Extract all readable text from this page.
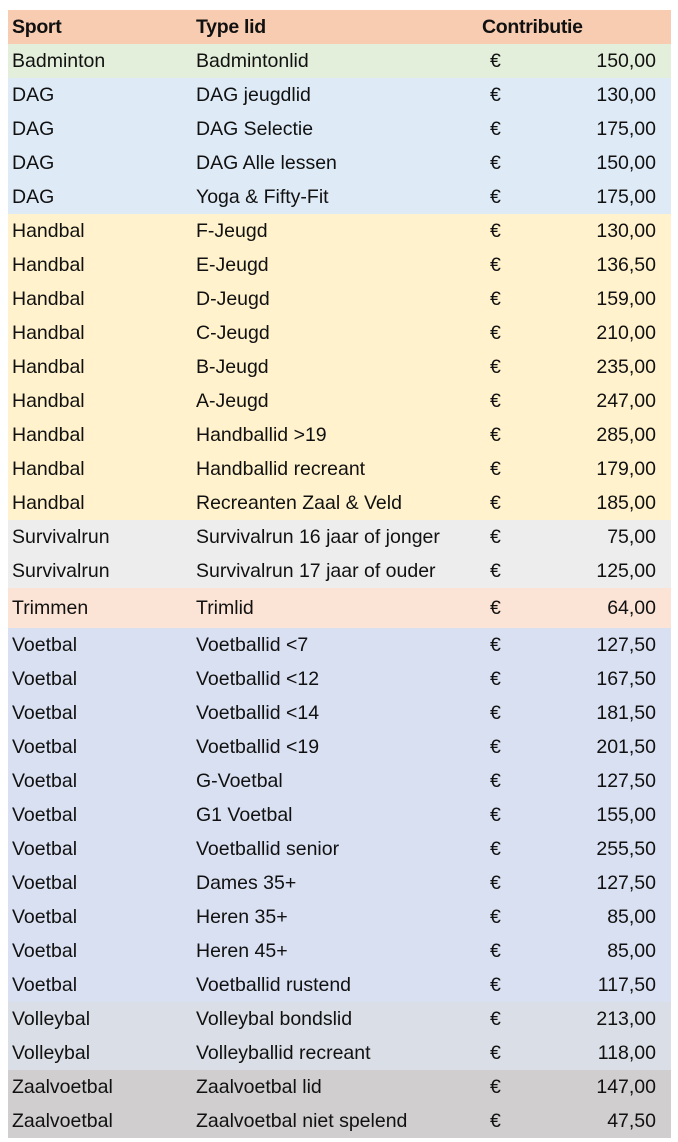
Sport	Type lid	Contributie	
Badminton	Badmintonlid	€	150,00
DAG	DAG jeugdlid	€	130,00
DAG	DAG Selectie	€	175,00
DAG	DAG Alle lessen	€	150,00
DAG	Yoga & Fifty-Fit	€	175,00
Handbal	F-Jeugd	€	130,00
Handbal	E-Jeugd	€	136,50
Handbal	D-Jeugd	€	159,00
Handbal	C-Jeugd	€	210,00
Handbal	B-Jeugd	€	235,00
Handbal	A-Jeugd	€	247,00
Handbal	Handballid >19	€	285,00
Handbal	Handballid recreant	€	179,00
Handbal	Recreanten Zaal & Veld	€	185,00
Survivalrun	Survivalrun 16 jaar of jonger	€	75,00
Survivalrun	Survivalrun 17 jaar of ouder	€	125,00
Trimmen	Trimlid	€	64,00
Voetbal	Voetballid <7	€	127,50
Voetbal	Voetballid <12	€	167,50
Voetbal	Voetballid <14	€	181,50
Voetbal	Voetballid <19	€	201,50
Voetbal	G-Voetbal	€	127,50
Voetbal	G1 Voetbal	€	155,00
Voetbal	Voetballid senior	€	255,50
Voetbal	Dames 35+	€	127,50
Voetbal	Heren 35+	€	85,00
Voetbal	Heren 45+	€	85,00
Voetbal	Voetballid rustend	€	117,50
Volleybal	Volleybal bondslid	€	213,00
Volleybal	Volleyballid recreant	€	118,00
Zaalvoetbal	Zaalvoetbal lid	€	147,00
Zaalvoetbal	Zaalvoetbal niet spelend	€	47,50
